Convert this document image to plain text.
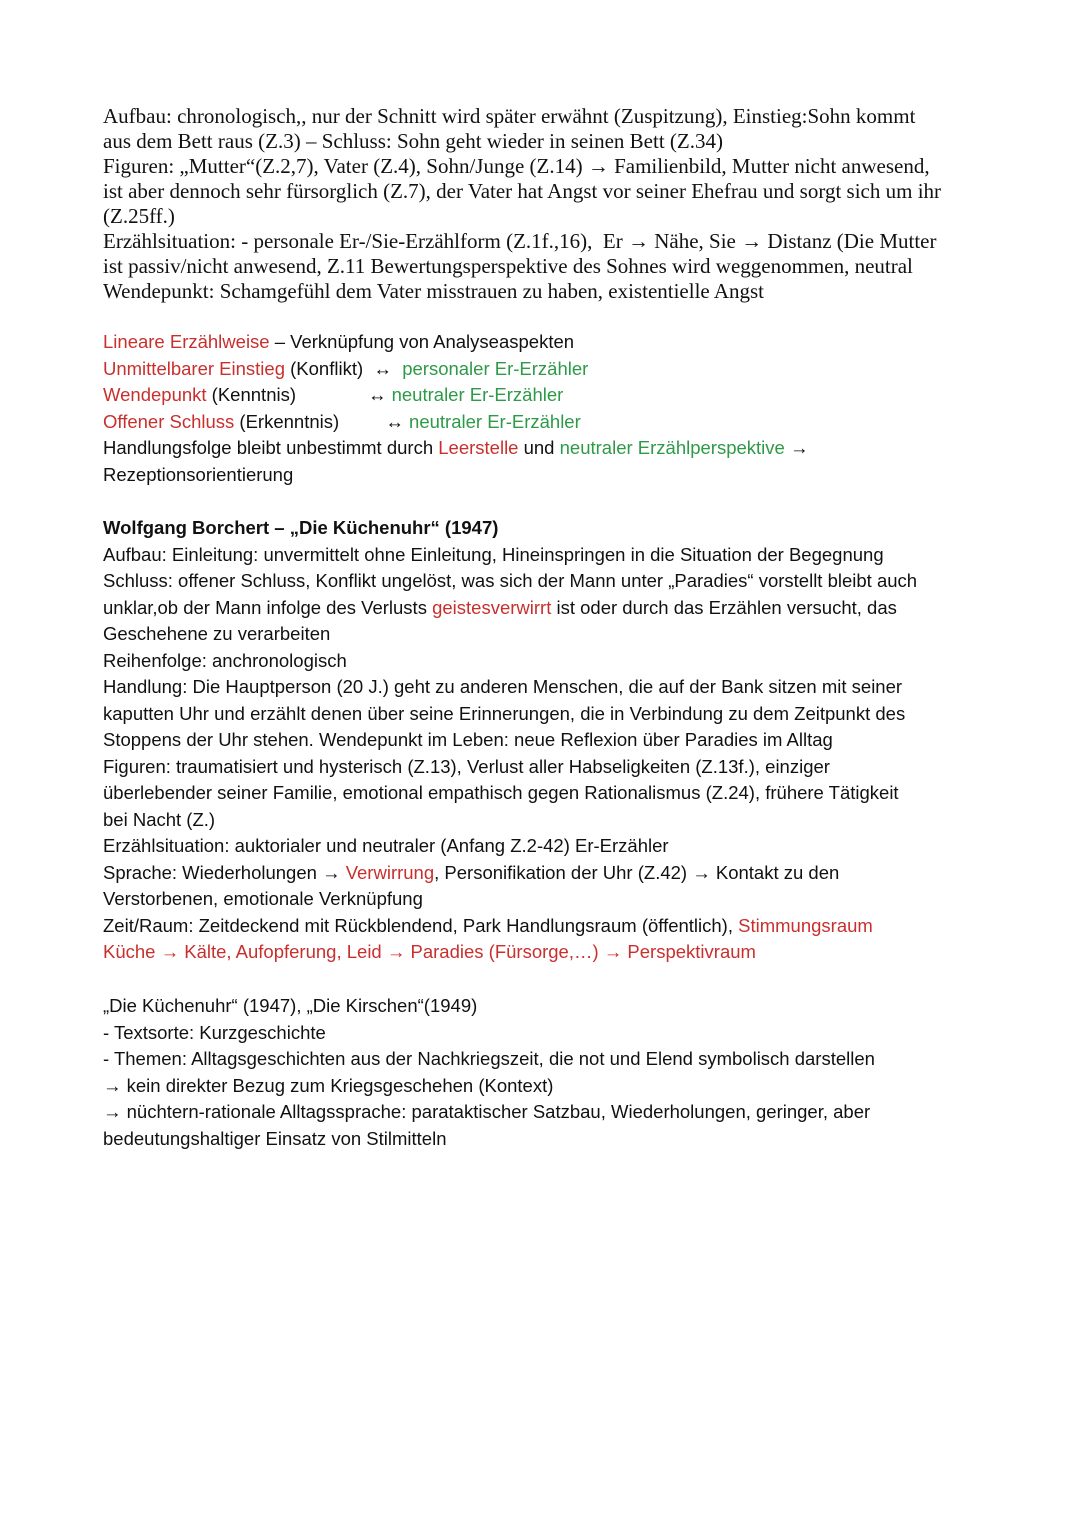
Aufbau: chronologisch,, nur der Schnitt wird später erwähnt (Zuspitzung), Einstieg:Sohn kommt
aus dem Bett raus (Z.3) – Schluss: Sohn geht wieder in seinen Bett (Z.34)
Figuren: „Mutter“(Z.2,7), Vater (Z.4), Sohn/Junge (Z.14) → Familienbild, Mutter nicht anwesend,
ist aber dennoch sehr fürsorglich (Z.7), der Vater hat Angst vor seiner Ehefrau und sorgt sich um ihr
(Z.25ff.)
Erzählsituation: - personale Er-/Sie-Erzählform (Z.1f.,16),  Er → Nähe, Sie → Distanz (Die Mutter
ist passiv/nicht anwesend, Z.11 Bewertungsperspektive des Sohnes wird weggenommen, neutral
Wendepunkt: Schamgefühl dem Vater misstrauen zu haben, existentielle Angst
Lineare Erzählweise – Verknüpfung von Analyseaspekten
Unmittelbarer Einstieg (Konflikt)  ↔  personaler Er-Erzähler
Wendepunkt (Kenntnis)              ↔ neutraler Er-Erzähler
Offener Schluss (Erkenntnis)         ↔ neutraler Er-Erzähler
Handlungsfolge bleibt unbestimmt durch Leerstelle und neutraler Erzählperspektive →
Rezeptionsorientierung
Wolfgang Borchert – „Die Küchenuhr“ (1947)
Aufbau: Einleitung: unvermittelt ohne Einleitung, Hineinspringen in die Situation der Begegnung
Schluss: offener Schluss, Konflikt ungelöst, was sich der Mann unter „Paradies“ vorstellt bleibt auch
unklar,ob der Mann infolge des Verlusts geistesverwirrt ist oder durch das Erzählen versucht, das
Geschehene zu verarbeiten
Reihenfolge: anchronologisch
Handlung: Die Hauptperson (20 J.) geht zu anderen Menschen, die auf der Bank sitzen mit seiner
kaputten Uhr und erzählt denen über seine Erinnerungen, die in Verbindung zu dem Zeitpunkt des
Stoppens der Uhr stehen. Wendepunkt im Leben: neue Reflexion über Paradies im Alltag
Figuren: traumatisiert und hysterisch (Z.13), Verlust aller Habseligkeiten (Z.13f.), einziger
überlebender seiner Familie, emotional empathisch gegen Rationalismus (Z.24), frühere Tätigkeit
bei Nacht (Z.)
Erzählsituation: auktorialer und neutraler (Anfang Z.2-42) Er-Erzähler
Sprache: Wiederholungen → Verwirrung, Personifikation der Uhr (Z.42) → Kontakt zu den
Verstorbenen, emotionale Verknüpfung
Zeit/Raum: Zeitdeckend mit Rückblendend, Park Handlungsraum (öffentlich), Stimmungsraum
Küche → Kälte, Aufopferung, Leid → Paradies (Fürsorge,…) → Perspektivraum
„Die Küchenuhr“ (1947), „Die Kirschen“(1949)
- Textsorte: Kurzgeschichte
- Themen: Alltagsgeschichten aus der Nachkriegszeit, die not und Elend symbolisch darstellen
→ kein direkter Bezug zum Kriegsgeschehen (Kontext)
→ nüchtern-rationale Alltagssprache: parataktischer Satzbau, Wiederholungen, geringer, aber
bedeutungshaltiger Einsatz von Stilmitteln
